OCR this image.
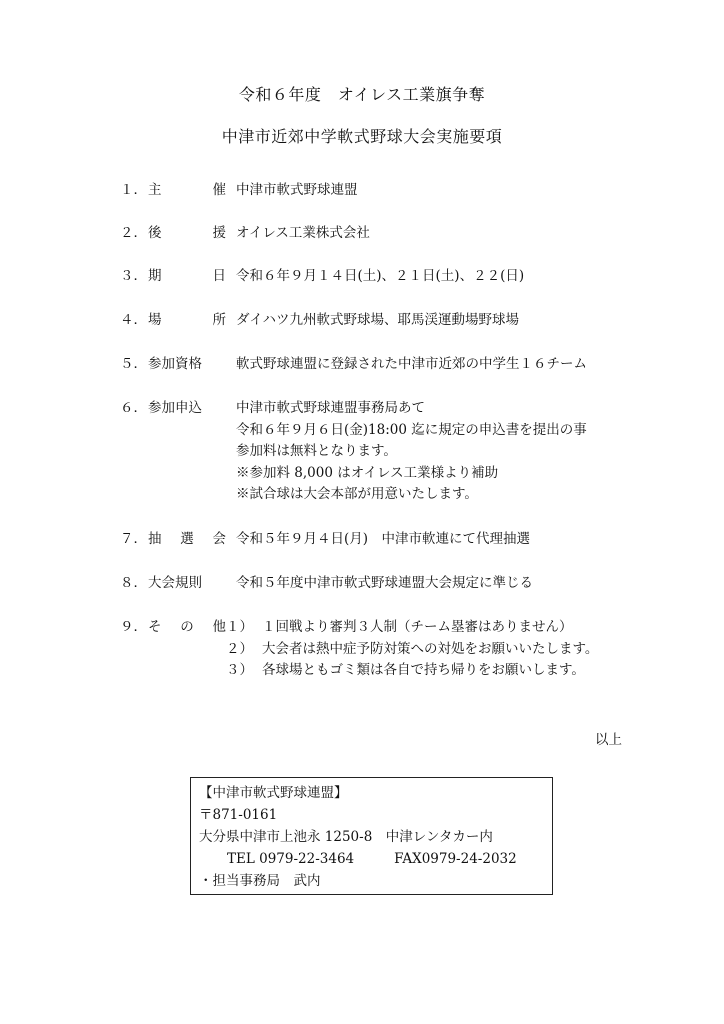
令和６年度　オイレス工業旗争奪
中津市近郊中学軟式野球大会実施要項
１． 主	催 中津市軟式野球連盟
２． 後	援 オイレス工業株式会社
３． 期	日 令和６年９月１４日(土)、２１日(土)、２２(日)
４． 場	所 ダイハツ九州軟式野球場、耶馬渓運動場野球場
５． 参加資格	軟式野球連盟に登録された中津市近郊の中学生１６チーム
６． 参加申込	中津市軟式野球連盟事務局あて
令和６年９月６日(金)18:00 迄に規定の申込書を提出の事
参加料は無料となります。
※参加料 8,000 はオイレス工業様より補助
※試合球は大会本部が用意いたします。
７． 抽 選 会 令和５年９月４日(月)　中津市軟連にて代理抽選
８． 大会規則	令和５年度中津市軟式野球連盟大会規定に準じる
９． そ の 他 １） １回戦より審判３人制（チーム塁審はありません）
２） 大会者は熱中症予防対策への対処をお願いいたします。
３） 各球場ともゴミ類は各自で持ち帰りをお願いします。
以上
【中津市軟式野球連盟】
〒871-0161
大分県中津市上池永 1250-8　中津レンタカー内
TEL 0979-22-3464	FAX0979-24-2032
・担当事務局　武内
